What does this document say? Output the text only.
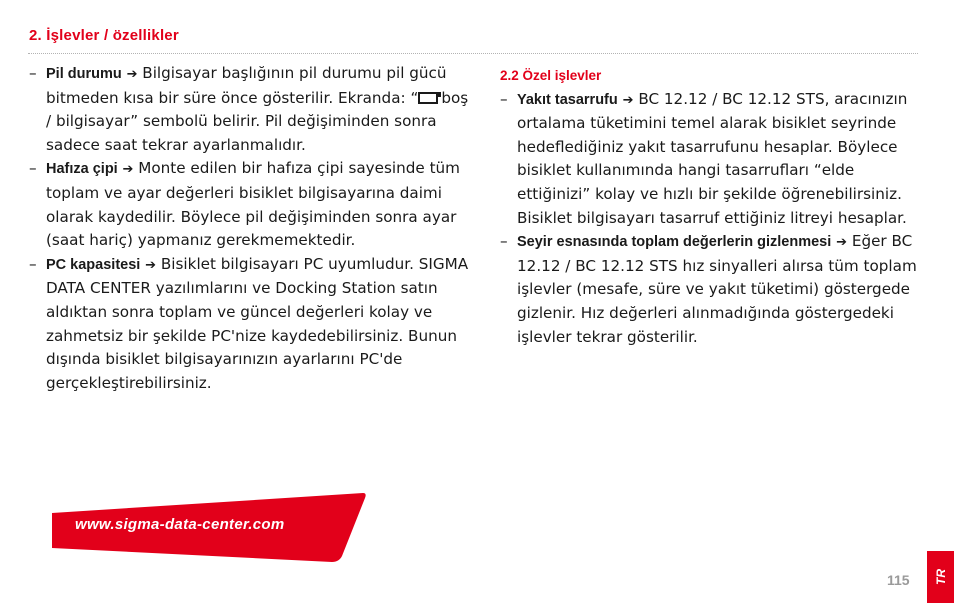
2. İşlevler / özellikler

– Pil durumu ➔ Bilgisayar başlığının pil durumu pil gücü bitmeden kısa bir süre önce gösterilir. Ekranda: “ boş / bilgisayar” sembolü belirir. Pil değişiminden sonra sadece saat tekrar ayarlanmalıdır.

– Hafıza çipi ➔ Monte edilen bir hafıza çipi sayesinde tüm toplam ve ayar değerleri bisiklet bilgisayarına daimi olarak kaydedilir. Böylece pil değişiminden sonra ayar (saat hariç) yapmanız gerekmemektedir.

– PC kapasitesi ➔ Bisiklet bilgisayarı PC uyumludur. SIGMA DATA CENTER yazılımlarını ve Docking Station satın aldıktan sonra toplam ve güncel değerleri kolay ve zahmetsiz bir şekilde PC'nize kaydedebilirsiniz. Bunun dışında bisiklet bilgisayarınızın ayarlarını PC'de gerçekleştirebilirsiniz.

2.2 Özel işlevler

– Yakıt tasarrufu ➔ BC 12.12 / BC 12.12 STS, aracınızın ortalama tüketimini temel alarak bisiklet seyrinde hedeflediğiniz yakıt tasarrufunu hesaplar. Böylece bisiklet kullanımında hangi tasarrufları “elde ettiğinizi” kolay ve hızlı bir şekilde öğrenebilirsiniz. Bisiklet bilgisayarı tasarruf ettiğiniz litreyi hesaplar.

– Seyir esnasında toplam değerlerin gizlenmesi ➔ Eğer BC 12.12 / BC 12.12 STS hız sinyalleri alırsa tüm toplam işlevler (mesafe, süre ve yakıt tüketimi) göstergede gizlenir. Hız değerleri alınmadığında göstergedeki işlevler tekrar gösterilir.

www.sigma-data-center.com
115 TR
